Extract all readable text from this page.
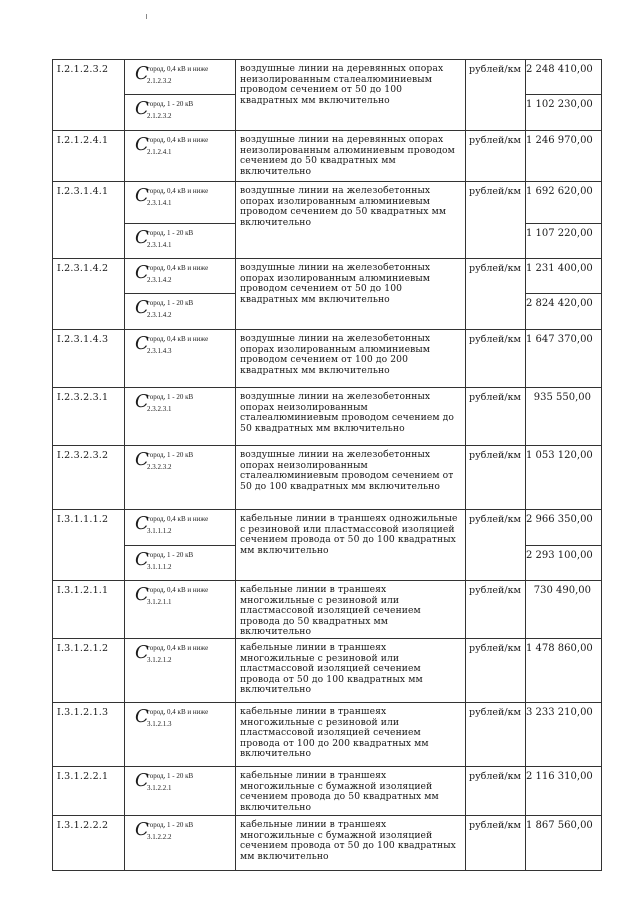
I.2.1.2.3.2	C
город, 0,4 кВ и ниже
2.1.2.3.2	воздушные линии на деревянных опорах неизолированным сталеалюминиевым проводом сечением от 50 до 100 квадратных мм включительно	рублей/км	2 248 410,00

	C
город, 1 - 20 кВ
2.1.2.3.2			1 102 230,00
I.2.1.2.4.1	C
город, 0,4 кВ и ниже
2.1.2.4.1	воздушные линии на деревянных опорах неизолированным алюминиевым проводом сечением до 50 квадратных мм включительно	рублей/км	1 246 970,00
I.2.3.1.4.1	C
город, 0,4 кВ и ниже
2.3.1.4.1	воздушные линии на железобетонных опорах изолированным алюминиевым проводом сечением до 50 квадратных мм включительно	рублей/км	1 692 620,00

	C
город, 1 - 20 кВ
2.3.1.4.1			1 107 220,00
I.2.3.1.4.2	C
город, 0,4 кВ и ниже
2.3.1.4.2	воздушные линии на железобетонных опорах изолированным алюминиевым проводом сечением от 50 до 100 квадратных мм включительно	рублей/км	1 231 400,00

	C
город, 1 - 20 кВ
2.3.1.4.2			2 824 420,00
I.2.3.1.4.3	C
город, 0,4 кВ и ниже
2.3.1.4.3	воздушные линии на железобетонных опорах изолированным алюминиевым проводом сечением от 100 до 200 квадратных мм включительно	рублей/км	1 647 370,00
I.2.3.2.3.1	C
город, 1 - 20 кВ
2.3.2.3.1	воздушные линии на железобетонных опорах неизолированным сталеалюминиевым проводом сечением до 50 квадратных мм включительно	рублей/км	935 550,00
I.2.3.2.3.2	C
город, 1 - 20 кВ
2.3.2.3.2	воздушные линии на железобетонных опорах неизолированным сталеалюминиевым проводом сечением от 50 до 100 квадратных мм включительно	рублей/км	1 053 120,00
I.3.1.1.1.2	C
город, 0,4 кВ и ниже
3.1.1.1.2	кабельные линии в траншеях одножильные с резиновой или пластмассовой изоляцией сечением провода от 50 до 100 квадратных мм включительно	рублей/км	2 966 350,00

	C
город, 1 - 20 кВ
3.1.1.1.2			2 293 100,00
I.3.1.2.1.1	C
город, 0,4 кВ и ниже
3.1.2.1.1	кабельные линии в траншеях многожильные с резиновой или пластмассовой изоляцией сечением провода до 50 квадратных мм включительно	рублей/км	730 490,00
I.3.1.2.1.2	C
город, 0,4 кВ и ниже
3.1.2.1.2	кабельные линии в траншеях многожильные с резиновой или пластмассовой изоляцией сечением провода от 50 до 100 квадратных мм включительно	рублей/км	1 478 860,00
I.3.1.2.1.3	C
город, 0,4 кВ и ниже
3.1.2.1.3	кабельные линии в траншеях многожильные с резиновой или пластмассовой изоляцией сечением провода от 100 до 200 квадратных мм включительно	рублей/км	3 233 210,00
I.3.1.2.2.1	C
город, 1 - 20 кВ
3.1.2.2.1	кабельные линии в траншеях многожильные с бумажной изоляцией сечением провода до 50 квадратных мм включительно	рублей/км	2 116 310,00
I.3.1.2.2.2	C
город, 1 - 20 кВ
3.1.2.2.2	кабельные линии в траншеях многожильные с бумажной изоляцией сечением провода от 50 до 100 квадратных мм включительно	рублей/км	1 867 560,00
